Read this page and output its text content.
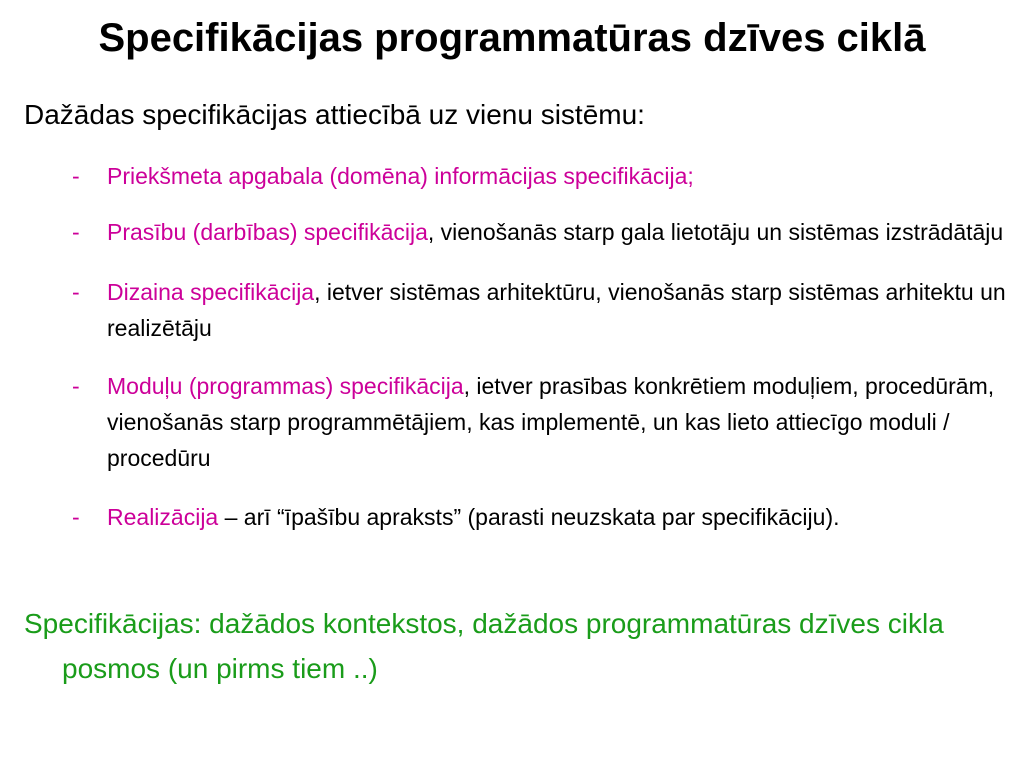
Specifikācijas programmatūras dzīves ciklā

Dažādas specifikācijas attiecībā uz vienu sistēmu:

- Priekšmeta apgabala (domēna) informācijas specifikācija;
- Prasību (darbības) specifikācija, vienošanās starp gala lietotāju un sistēmas izstrādātāju
- Dizaina specifikācija, ietver sistēmas arhitektūru, vienošanās starp sistēmas arhitektu un realizētāju
- Moduļu (programmas) specifikācija, ietver prasības konkrētiem moduļiem, procedūrām, vienošanās starp programmētājiem, kas implementē, un kas lieto attiecīgo moduli / procedūru
- Realizācija – arī “īpašību apraksts” (parasti neuzskata par specifikāciju).

Specifikācijas: dažādos kontekstos, dažādos programmatūras dzīves cikla posmos (un pirms tiem ..)
